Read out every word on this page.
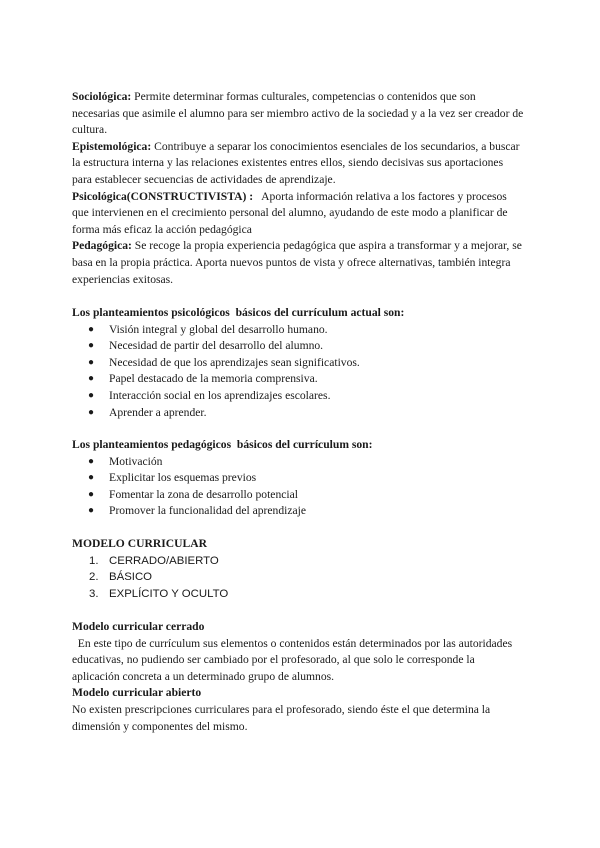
Sociológica: Permite determinar formas culturales, competencias o contenidos que son necesarias que asimile el alumno para ser miembro activo de la sociedad y a la vez ser creador de cultura.

Epistemológica: Contribuye a separar los conocimientos esenciales de los secundarios, a buscar la estructura interna y las relaciones existentes entres ellos, siendo decisivas sus aportaciones para establecer secuencias de actividades de aprendizaje.

Psicológica(CONSTRUCTIVISTA) :   Aporta información relativa a los factores y procesos que intervienen en el crecimiento personal del alumno, ayudando de este modo a planificar de forma más eficaz la acción pedagógica

Pedagógica: Se recoge la propia experiencia pedagógica que aspira a transformar y a mejorar, se basa en la propia práctica. Aporta nuevos puntos de vista y ofrece alternativas, también integra experiencias exitosas.

Los planteamientos psicológicos  básicos del currículum actual son:

● Visión integral y global del desarrollo humano.
● Necesidad de partir del desarrollo del alumno.
● Necesidad de que los aprendizajes sean significativos.
● Papel destacado de la memoria comprensiva.
● Interacción social en los aprendizajes escolares.
● Aprender a aprender.

Los planteamientos pedagógicos  básicos del currículum son:

● Motivación
● Explicitar los esquemas previos
● Fomentar la zona de desarrollo potencial
● Promover la funcionalidad del aprendizaje

MODELO CURRICULAR

1. CERRADO/ABIERTO
2. BÁSICO
3. EXPLÍCITO Y OCULTO

Modelo curricular cerrado

En este tipo de currículum sus elementos o contenidos están determinados por las autoridades educativas, no pudiendo ser cambiado por el profesorado, al que solo le corresponde la aplicación concreta a un determinado grupo de alumnos.

Modelo curricular abierto

No existen prescripciones curriculares para el profesorado, siendo éste el que determina la dimensión y componentes del mismo.
